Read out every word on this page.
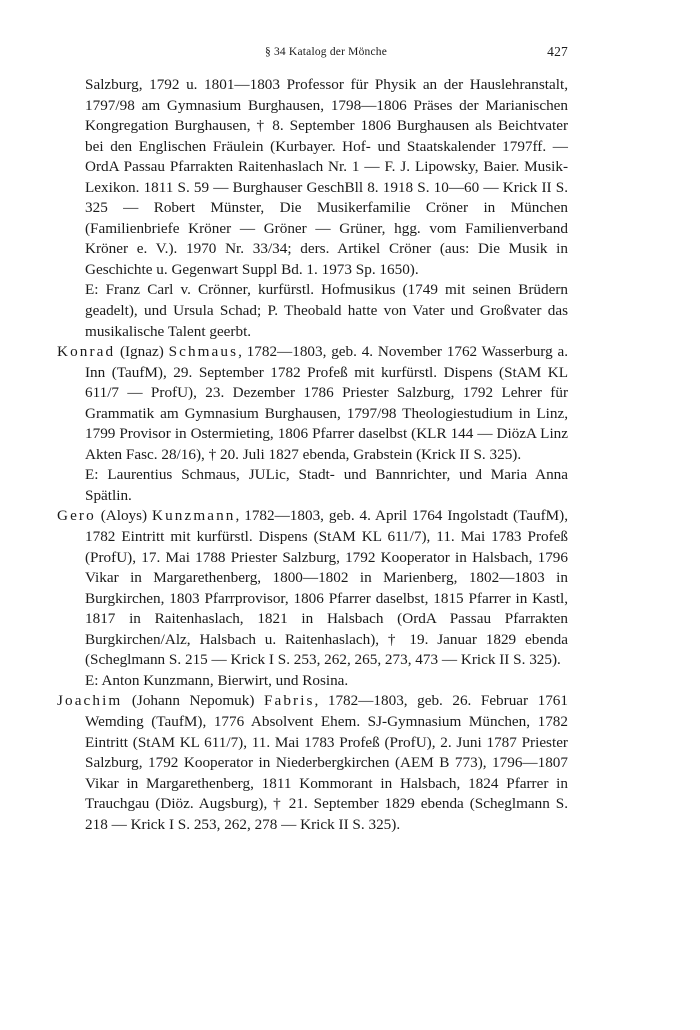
§ 34 Katalog der Mönche	427

Salzburg, 1792 u. 1801—1803 Professor für Physik an der Hauslehranstalt, 1797/98 am Gymnasium Burghausen, 1798—1806 Präses der Marianischen Kongregation Burghausen, † 8. September 1806 Burghausen als Beichtvater bei den Englischen Fräulein (Kurbayer. Hof- und Staatskalender 1797ff. — OrdA Passau Pfarrakten Raitenhaslach Nr. 1 — F. J. Lipowsky, Baier. Musik-Lexikon. 1811 S. 59 — Burghauser GeschBll 8. 1918 S. 10—60 — Krick II S. 325 — Robert Münster, Die Musikerfamilie Cröner in München (Familienbriefe Kröner — Gröner — Grüner, hgg. vom Familienverband Kröner e. V.). 1970 Nr. 33/34; ders. Artikel Cröner (aus: Die Musik in Geschichte u. Gegenwart Suppl Bd. 1. 1973 Sp. 1650).

E: Franz Carl v. Crönner, kurfürstl. Hofmusikus (1749 mit seinen Brüdern geadelt), und Ursula Schad; P. Theobald hatte von Vater und Großvater das musikalische Talent geerbt.

Konrad (Ignaz) Schmaus, 1782—1803, geb. 4. November 1762 Wasserburg a. Inn (TaufM), 29. September 1782 Profeß mit kurfürstl. Dispens (StAM KL 611/7 — ProfU), 23. Dezember 1786 Priester Salzburg, 1792 Lehrer für Grammatik am Gymnasium Burghausen, 1797/98 Theologiestudium in Linz, 1799 Provisor in Ostermieting, 1806 Pfarrer daselbst (KLR 144 — DiözA Linz Akten Fasc. 28/16), † 20. Juli 1827 ebenda, Grabstein (Krick II S. 325).

E: Laurentius Schmaus, JULic, Stadt- und Bannrichter, und Maria Anna Spätlin.

Gero (Aloys) Kunzmann, 1782—1803, geb. 4. April 1764 Ingolstadt (TaufM), 1782 Eintritt mit kurfürstl. Dispens (StAM KL 611/7), 11. Mai 1783 Profeß (ProfU), 17. Mai 1788 Priester Salzburg, 1792 Kooperator in Halsbach, 1796 Vikar in Margarethenberg, 1800—1802 in Marienberg, 1802—1803 in Burgkirchen, 1803 Pfarrprovisor, 1806 Pfarrer daselbst, 1815 Pfarrer in Kastl, 1817 in Raitenhaslach, 1821 in Halsbach (OrdA Passau Pfarrakten Burgkirchen/Alz, Halsbach u. Raitenhaslach), † 19. Januar 1829 ebenda (Scheglmann S. 215 — Krick I S. 253, 262, 265, 273, 473 — Krick II S. 325).

E: Anton Kunzmann, Bierwirt, und Rosina.

Joachim (Johann Nepomuk) Fabris, 1782—1803, geb. 26. Februar 1761 Wemding (TaufM), 1776 Absolvent Ehem. SJ-Gymnasium München, 1782 Eintritt (StAM KL 611/7), 11. Mai 1783 Profeß (ProfU), 2. Juni 1787 Priester Salzburg, 1792 Kooperator in Niederbergkirchen (AEM B 773), 1796—1807 Vikar in Margarethenberg, 1811 Kommorant in Halsbach, 1824 Pfarrer in Trauchgau (Diöz. Augsburg), † 21. September 1829 ebenda (Scheglmann S. 218 — Krick I S. 253, 262, 278 — Krick II S. 325).
